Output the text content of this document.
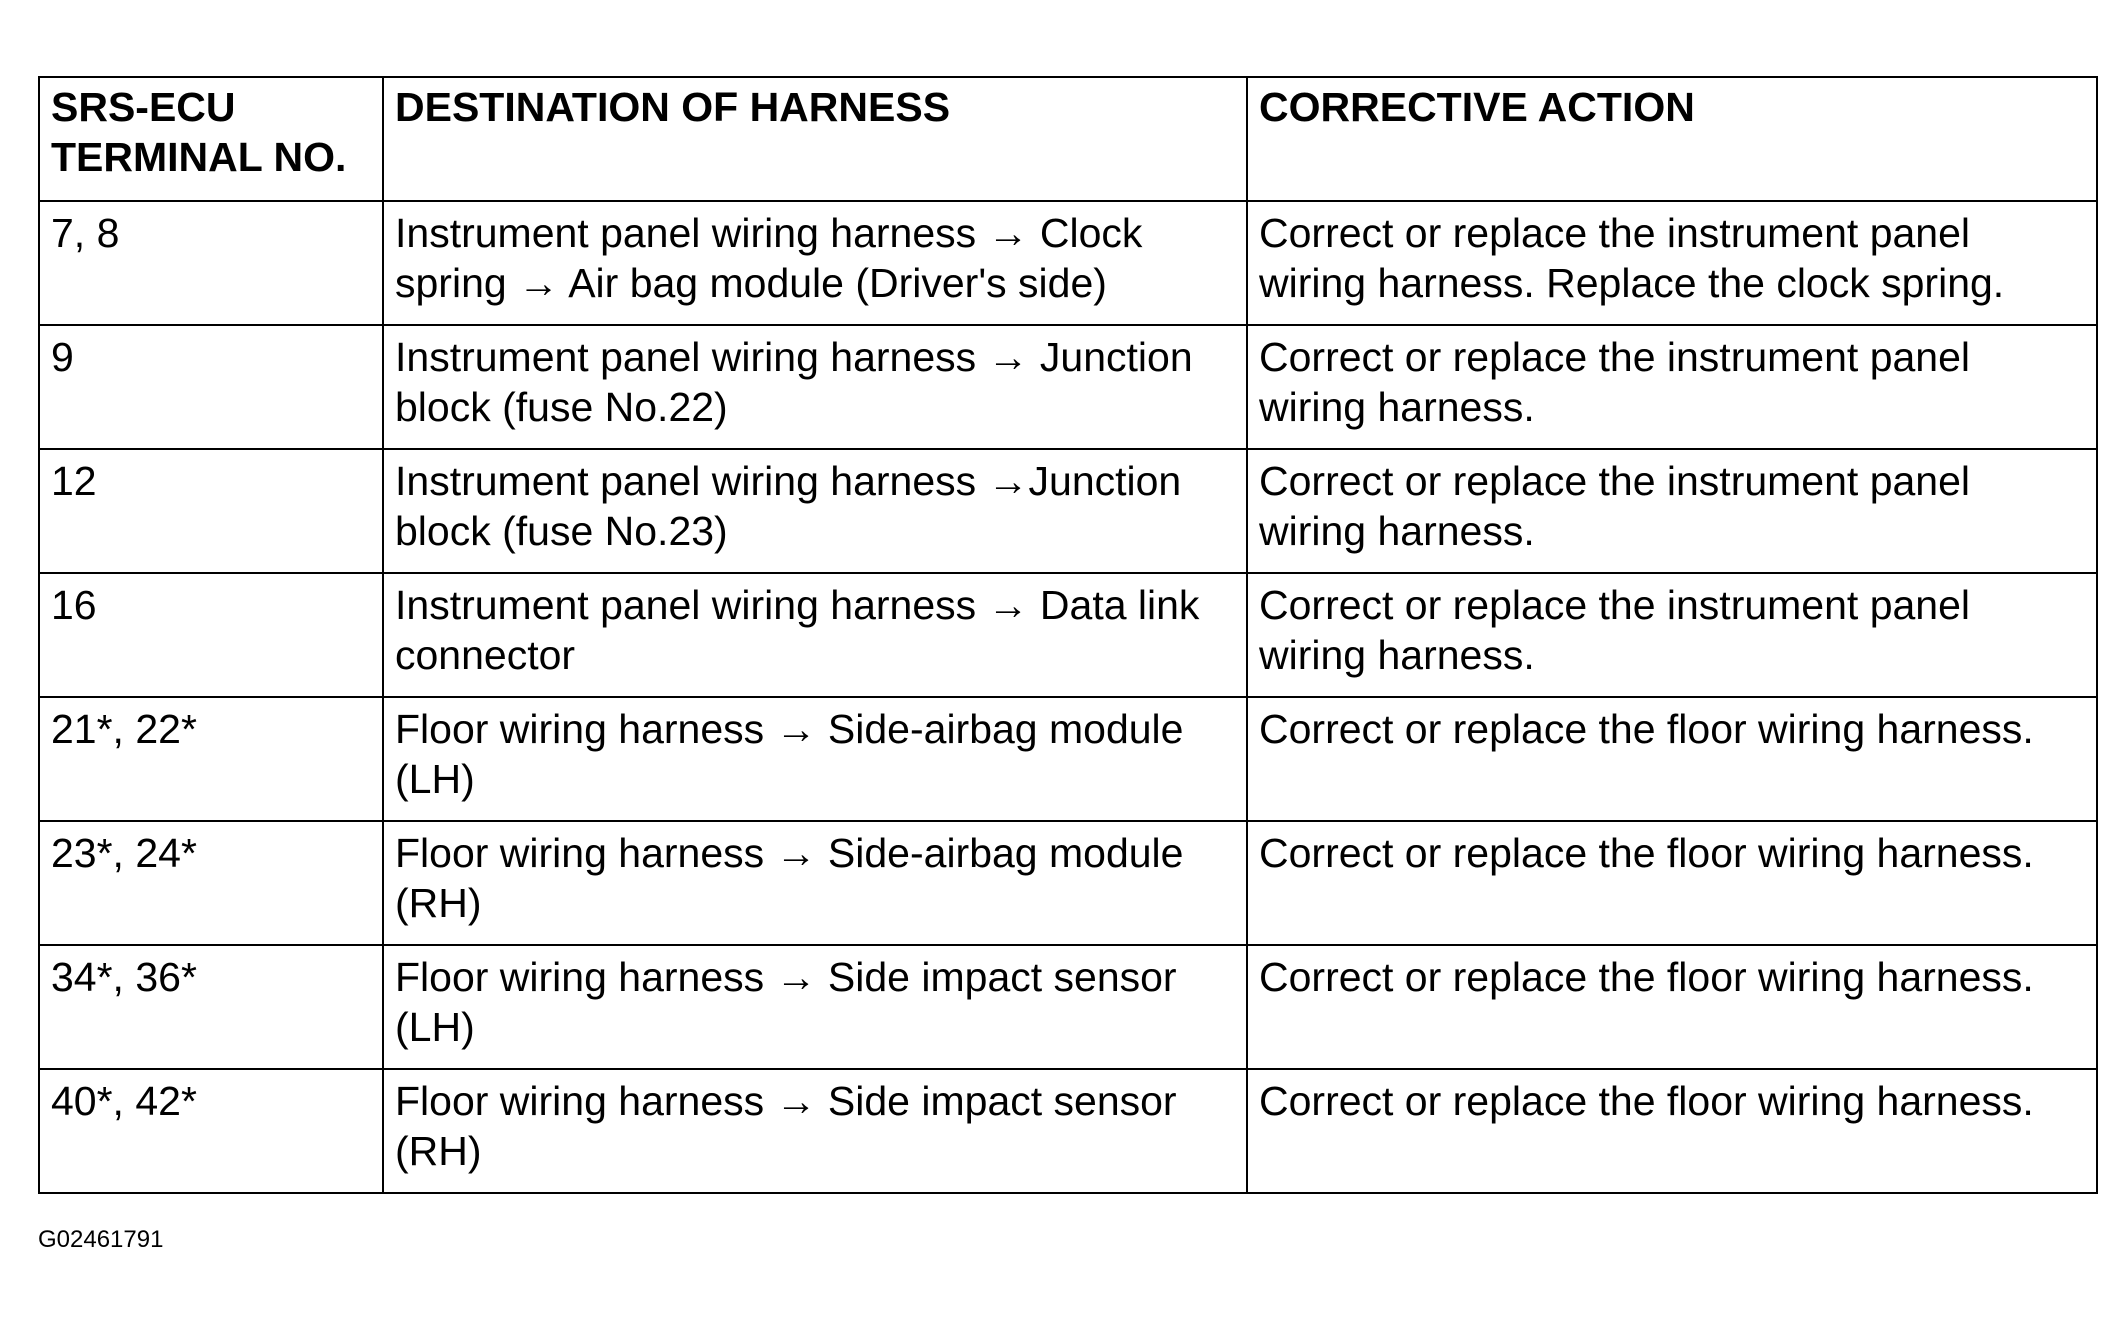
SRS-ECU
TERMINAL NO.	DESTINATION OF HARNESS	CORRECTIVE ACTION
7, 8	Instrument panel wiring harness → Clock
spring → Air bag module (Driver's side)	Correct or replace the instrument panel
wiring harness. Replace the clock spring.
9	Instrument panel wiring harness → Junction
block (fuse No.22)	Correct or replace the instrument panel
wiring harness.
12	Instrument panel wiring harness →Junction
block (fuse No.23)	Correct or replace the instrument panel
wiring harness.
16	Instrument panel wiring harness → Data link
connector	Correct or replace the instrument panel
wiring harness.
21*, 22*	Floor wiring harness → Side-airbag module
(LH)	Correct or replace the floor wiring harness.
23*, 24*	Floor wiring harness → Side-airbag module
(RH)	Correct or replace the floor wiring harness.
34*, 36*	Floor wiring harness → Side impact sensor
(LH)	Correct or replace the floor wiring harness.
40*, 42*	Floor wiring harness → Side impact sensor
(RH)	Correct or replace the floor wiring harness.
G02461791
